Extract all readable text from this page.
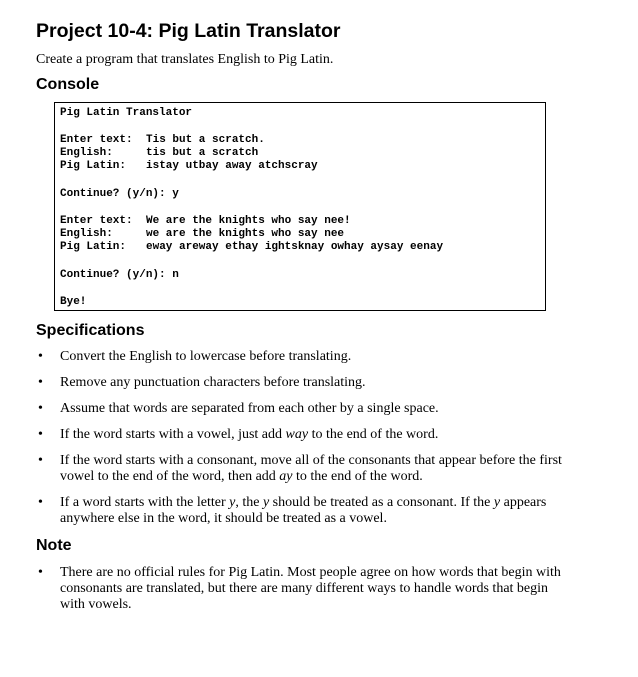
Project 10-4: Pig Latin Translator

Create a program that translates English to Pig Latin.

Console
Pig Latin Translator
Enter text: Tis but a scratch.
English:	tis but a scratch
Pig Latin: istay utbay away atchscray
Continue? (y/n): y
Enter text: We are the knights who say nee!
English:	we are the knights who say nee
Pig Latin: eway areway ethay ightsknay owhay aysay eenay
Continue? (y/n): n
Bye!
Specifications
• Convert the English to lowercase before translating.
• Remove any punctuation characters before translating.
• Assume that words are separated from each other by a single space.
• If the word starts with a vowel, just add way to the end of the word.
• If the word starts with a consonant, move all of the consonants that appear before the first vowel to the end of the word, then add ay to the end of the word.
• If a word starts with the letter y, the y should be treated as a consonant. If the y appears anywhere else in the word, it should be treated as a vowel.
Note
• There are no official rules for Pig Latin. Most people agree on how words that begin with consonants are translated, but there are many different ways to handle words that begin with vowels.
